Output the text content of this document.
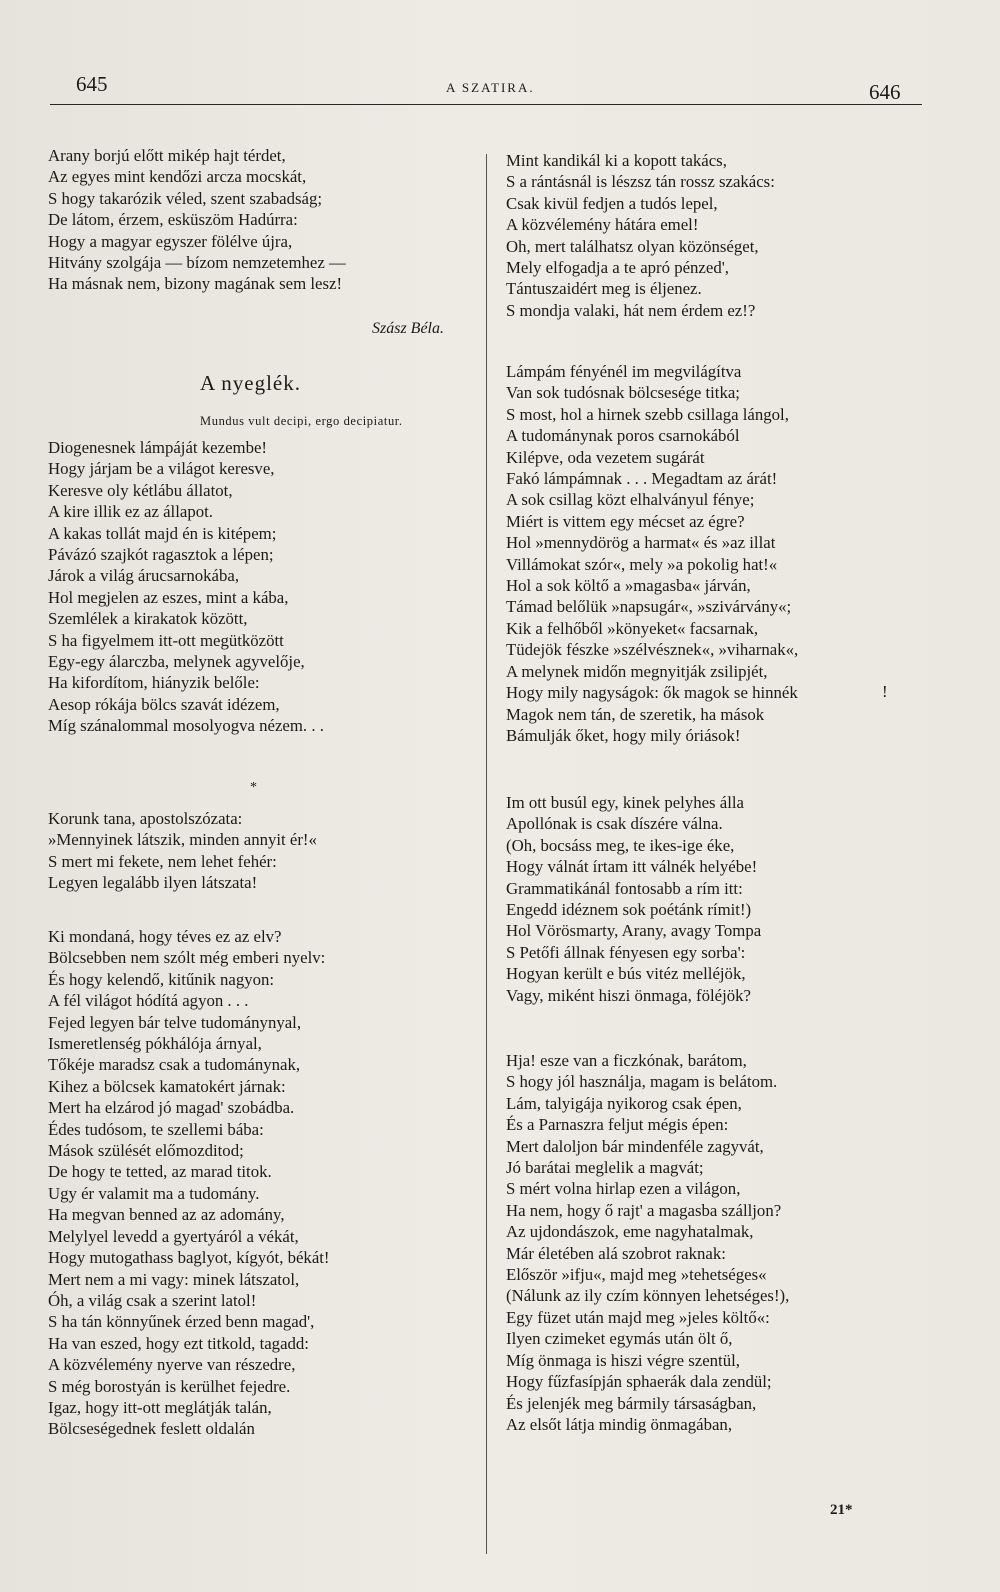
645	A SZATIRA.	646
Arany borjú előtt mikép hajt térdet,
Az egyes mint kendőzi arcza mocskát,
S hogy takarózik véled, szent szabadság;
De látom, érzem, esküszöm Hadúrra:
Hogy a magyar egyszer fölélve újra,
Hitvány szolgája — bízom nemzetemhez —
Ha másnak nem, bizony magának sem lesz!
Szász Béla.
A nyeglék.
Mundus vult decipi, ergo decipiatur.
Diogenesnek lámpáját kezembe!
Hogy járjam be a világot keresve,
Keresve oly kétlábu állatot,
A kire illik ez az állapot.
A kakas tollát majd én is kitépem;
Pávázó szajkót ragasztok a lépen;
Járok a világ árucsarnokába,
Hol megjelen az eszes, mint a kába,
Szemlélek a kirakatok között,
S ha figyelmem itt-ott megütközött
Egy-egy álarczba, melynek agyvelője,
Ha kifordítom, hiányzik belőle:
Aesop rókája bölcs szavát idézem,
Míg szánalommal mosolyogva nézem. . .
*
Korunk tana, apostolszózata:
»Mennyinek látszik, minden annyit ér!«
S mert mi fekete, nem lehet fehér:
Legyen legalább ilyen látszata!
Ki mondaná, hogy téves ez az elv?
Bölcsebben nem szólt még emberi nyelv:
És hogy kelendő, kitűnik nagyon:
A fél világot hódítá agyon . . .
Fejed legyen bár telve tudománynyal,
Ismeretlenség pókhálója árnyal,
Tőkéje maradsz csak a tudománynak,
Kihez a bölcsek kamatokért járnak:
Mert ha elzárod jó magad' szobádba.
Édes tudósom, te szellemi bába:
Mások szülését előmozditod;
De hogy te tetted, az marad titok.
Ugy ér valamit ma a tudomány.
Ha megvan benned az az adomány,
Melylyel levedd a gyertyáról a vékát,
Hogy mutogathass baglyot, kígyót, békát!
Mert nem a mi vagy: minek látszatol,
Óh, a világ csak a szerint latol!
S ha tán könnyűnek érzed benn magad',
Ha van eszed, hogy ezt titkold, tagadd:
A közvélemény nyerve van részedre,
S még borostyán is kerülhet fejedre.
Igaz, hogy itt-ott meglátják talán,
Bölcseségednek feslett oldalán
Mint kandikál ki a kopott takács,
S a rántásnál is lészsz tán rossz szakács:
Csak kivül fedjen a tudós lepel,
A közvélemény hátára emel!
Oh, mert találhatsz olyan közönséget,
Mely elfogadja a te apró pénzed',
Tántuszaidért meg is éljenez.
S mondja valaki, hát nem érdem ez!?
Lámpám fényénél im megvilágítva
Van sok tudósnak bölcsesége titka;
S most, hol a hirnek szebb csillaga lángol,
A tudománynak poros csarnokából
Kilépve, oda vezetem sugárát
Fakó lámpámnak . . . Megadtam az árát!
A sok csillag közt elhalványul fénye;
Miért is vittem egy mécset az égre?
Hol »mennydörög a harmat« és »az illat
Villámokat szór«, mely »a pokolig hat!«
Hol a sok költő a »magasba« járván,
Támad belőlük »napsugár«, »szivárvány«;
Kik a felhőből »könyeket« facsarnak,
Tüdejök fészke »szélvésznek«, »viharnak«,
A melynek midőn megnyitják zsilipjét,
Hogy mily nagyságok: ők magok se hinnék
Magok nem tán, de szeretik, ha mások
Bámulják őket, hogy mily óriások!
!
Im ott busúl egy, kinek pelyhes álla
Apollónak is csak díszére válna.
(Oh, bocsáss meg, te ikes-ige éke,
Hogy válnát írtam itt válnék helyébe!
Grammatikánál fontosabb a rím itt:
Engedd idéznem sok poétánk rímit!)
Hol Vörösmarty, Arany, avagy Tompa
S Petőfi állnak fényesen egy sorba':
Hogyan került e bús vitéz melléjök,
Vagy, miként hiszi önmaga, föléjök?
Hja! esze van a ficzkónak, barátom,
S hogy jól használja, magam is belátom.
Lám, talyigája nyikorog csak épen,
És a Parnaszra feljut mégis épen:
Mert daloljon bár mindenféle zagyvát,
Jó barátai meglelik a magvát;
S mért volna hirlap ezen a világon,
Ha nem, hogy ő rajt' a magasba szálljon?
Az ujdondászok, eme nagyhatalmak,
Már életében alá szobrot raknak:
Először »ifju«, majd meg »tehetséges«
(Nálunk az ily czím könnyen lehetséges!),
Egy füzet után majd meg »jeles költő«:
Ilyen czimeket egymás után ölt ő,
Míg önmaga is hiszi végre szentül,
Hogy fűzfasípján sphaerák dala zendül;
És jelenjék meg bármily társaságban,
Az elsőt látja mindig önmagában,
21*
